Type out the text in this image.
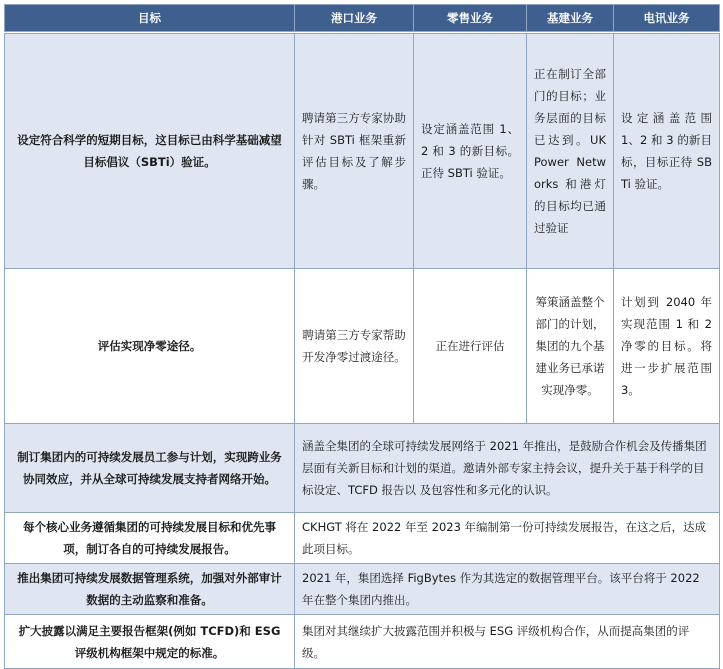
目标	港口业务	零售业务	基建业务	电讯业务
设定符合科学的短期目标，这目标已由科学基础减望目标倡议（SBTi）验证。	聘请第三方专家协助针对 SBTi 框架重新评估目标及了解步骤。	设定涵盖范围 1、2 和 3 的新目标。正待 SBTi 验证。	正在制订全部门的目标；业务层面的目标已达到。UK Power Networks 和港灯的目标均已通过验证	设定涵盖范围 1、2 和 3 的新目标，目标正待 SBTi 验证。
评估实现净零途径。	聘请第三方专家帮助开发净零过渡途径。	正在进行评估	筹策涵盖整个部门的计划，集团的九个基建业务已承诺实现净零。	计划到 2040 年实现范围 1 和 2 净零的目标。将进一步扩展范围 3。
制订集团内的可持续发展员工参与计划，实现跨业务协同效应，并从全球可持续发展支持者网络开始。	涵盖全集团的全球可持续发展网络于 2021 年推出，是鼓励合作机会及传播集团层面有关新目标和计划的渠道。邀请外部专家主持会议，提升关于基于科学的目标设定、TCFD 报告以 及包容性和多元化的认识。			
每个核心业务遵循集团的可持续发展目标和优先事项，制订各自的可持续发展报告。	CKHGT 将在 2022 年至 2023 年编制第一份可持续发展报告，在这之后，达成此项目标。			
推出集团可持续发展数据管理系统，加强对外部审计数据的主动监察和准备。	2021 年，集团选择 FigBytes 作为其选定的数据管理平台。该平台将于 2022 年在整个集团内推出。			
扩大披露以满足主要报告框架(例如 TCFD)和 ESG 评级机构框架中规定的标准。	集团对其继续扩大披露范围并积极与 ESG 评级机构合作，从而提高集团的评级。			
